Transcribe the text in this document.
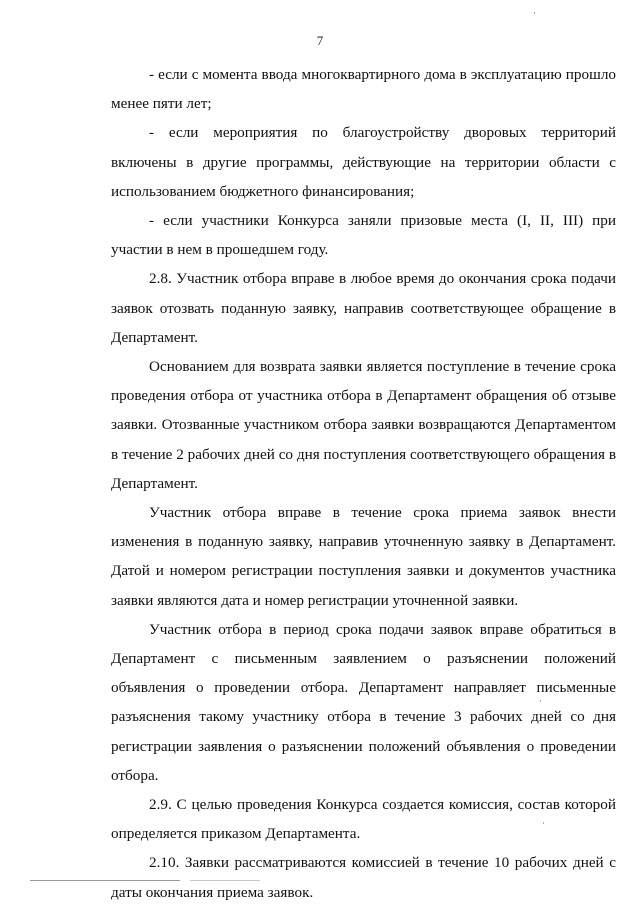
7

- если с момента ввода многоквартирного дома в эксплуатацию прошло менее пяти лет;

- если мероприятия по благоустройству дворовых территорий включены в другие программы, действующие на территории области с использованием бюджетного финансирования;

- если участники Конкурса заняли призовые места (I, II, III) при участии в нем в прошедшем году.

2.8. Участник отбора вправе в любое время до окончания срока подачи заявок отозвать поданную заявку, направив соответствующее обращение в Департамент.

Основанием для возврата заявки является поступление в течение срока проведения отбора от участника отбора в Департамент обращения об отзыве заявки. Отозванные участником отбора заявки возвращаются Департаментом в течение 2 рабочих дней со дня поступления соответствующего обращения в Департамент.

Участник отбора вправе в течение срока приема заявок внести изменения в поданную заявку, направив уточненную заявку в Департамент. Датой и номером регистрации поступления заявки и документов участника заявки являются дата и номер регистрации уточненной заявки.

Участник отбора в период срока подачи заявок вправе обратиться в Департамент с письменным заявлением о разъяснении положений объявления о проведении отбора. Департамент направляет письменные разъяснения такому участнику отбора в течение 3 рабочих дней со дня регистрации заявления о разъяснении положений объявления о проведении отбора.

2.9. С целью проведения Конкурса создается комиссия, состав которой определяется приказом Департамента.

2.10. Заявки рассматриваются комиссией в течение 10 рабочих дней с даты окончания приема заявок.
